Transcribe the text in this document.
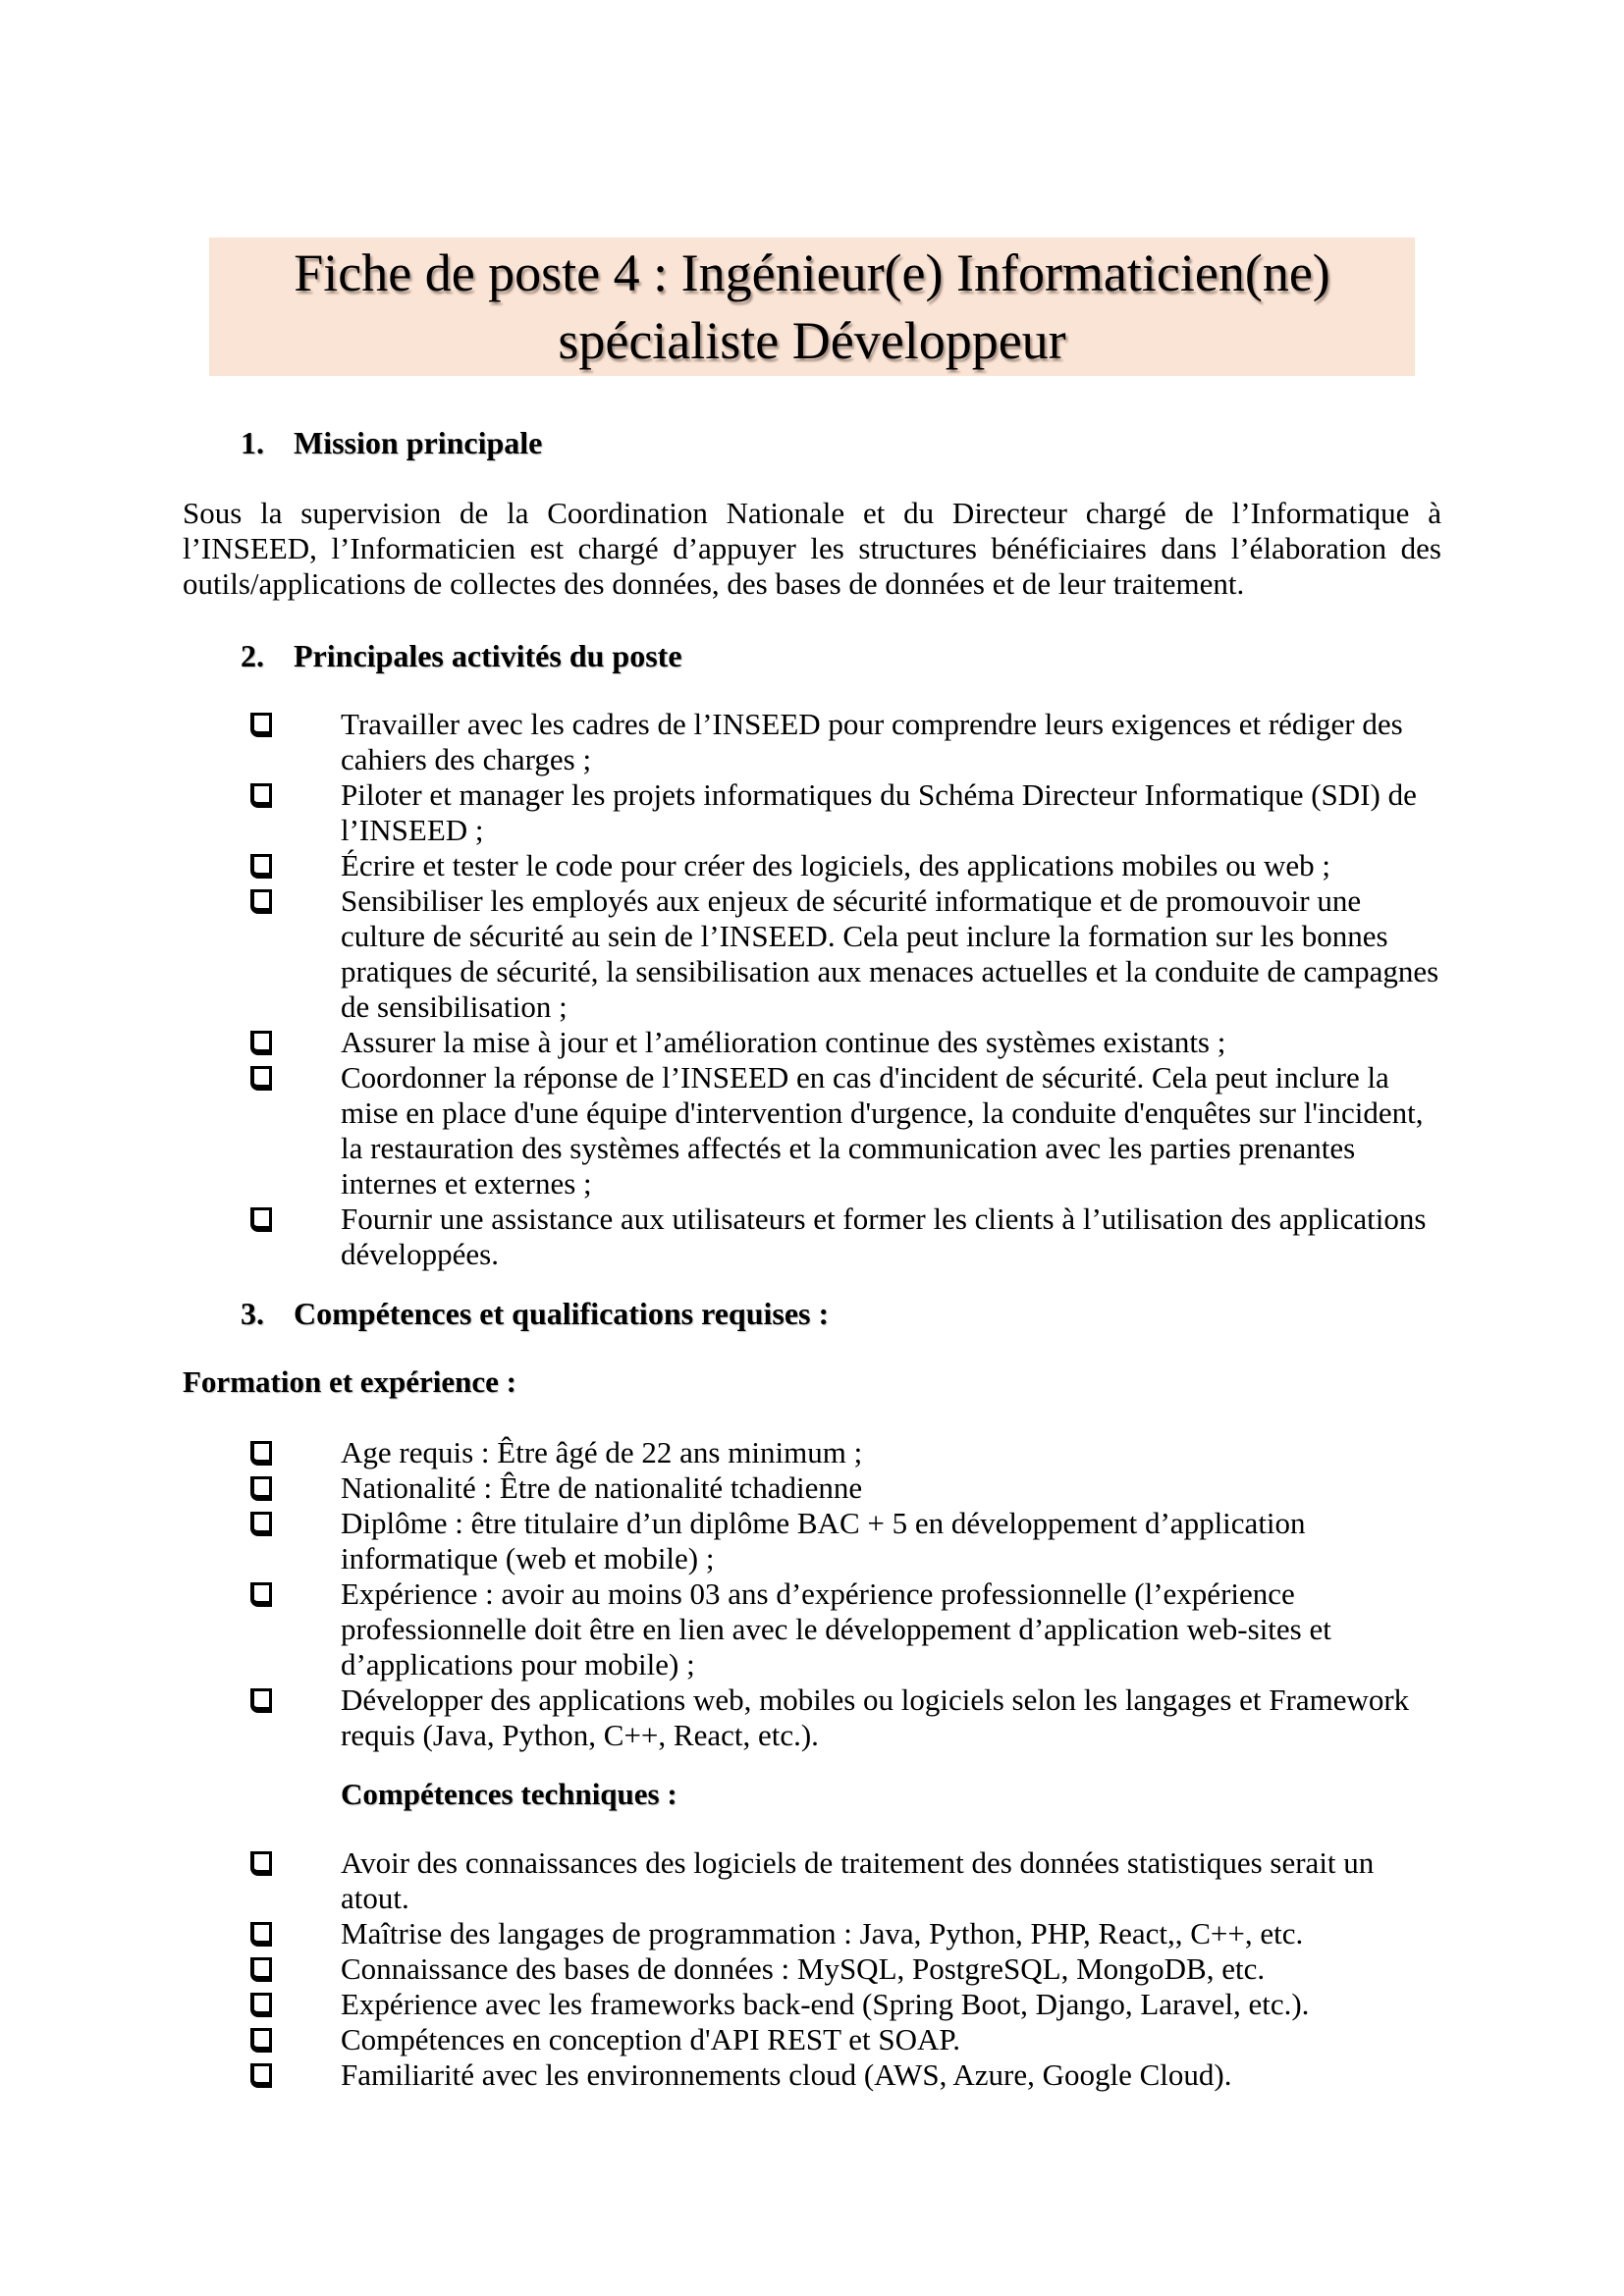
Fiche de poste 4 : Ingénieur(e) Informaticien(ne)
spécialiste Développeur
1. Mission principale
Sous la supervision de la Coordination Nationale et du Directeur chargé de l’Informatique à l’INSEED, l’Informaticien est chargé d’appuyer les structures bénéficiaires dans l’élaboration des outils/applications de collectes des données, des bases de données et de leur traitement.
2. Principales activités du poste
Travailler avec les cadres de l’INSEED pour comprendre leurs exigences et rédiger des cahiers des charges ;
Piloter et manager les projets informatiques du Schéma Directeur Informatique (SDI) de l’INSEED ;
Écrire et tester le code pour créer des logiciels, des applications mobiles ou web ;
Sensibiliser les employés aux enjeux de sécurité informatique et de promouvoir une culture de sécurité au sein de l’INSEED. Cela peut inclure la formation sur les bonnes pratiques de sécurité, la sensibilisation aux menaces actuelles et la conduite de campagnes de sensibilisation ;
Assurer la mise à jour et l’amélioration continue des systèmes existants ;
Coordonner la réponse de l’INSEED en cas d'incident de sécurité. Cela peut inclure la mise en place d'une équipe d'intervention d'urgence, la conduite d'enquêtes sur l'incident, la restauration des systèmes affectés et la communication avec les parties prenantes internes et externes ;
Fournir une assistance aux utilisateurs et former les clients à l’utilisation des applications développées.
3. Compétences et qualifications requises :
Formation et expérience :
Age requis : Être âgé de 22 ans minimum ;
Nationalité : Être de nationalité tchadienne
Diplôme : être titulaire d’un diplôme BAC + 5 en développement d’application informatique (web et mobile) ;
Expérience : avoir au moins 03 ans d’expérience professionnelle (l’expérience professionnelle doit être en lien avec le développement d’application web-sites et d’applications pour mobile) ;
Développer des applications web, mobiles ou logiciels selon les langages et Framework requis (Java, Python, C++, React, etc.).
Compétences techniques :
Avoir des connaissances des logiciels de traitement des données statistiques serait un atout.
Maîtrise des langages de programmation : Java, Python, PHP, React,, C++, etc.
Connaissance des bases de données : MySQL, PostgreSQL, MongoDB, etc.
Expérience avec les frameworks back-end (Spring Boot, Django, Laravel, etc.).
Compétences en conception d'API REST et SOAP.
Familiarité avec les environnements cloud (AWS, Azure, Google Cloud).
